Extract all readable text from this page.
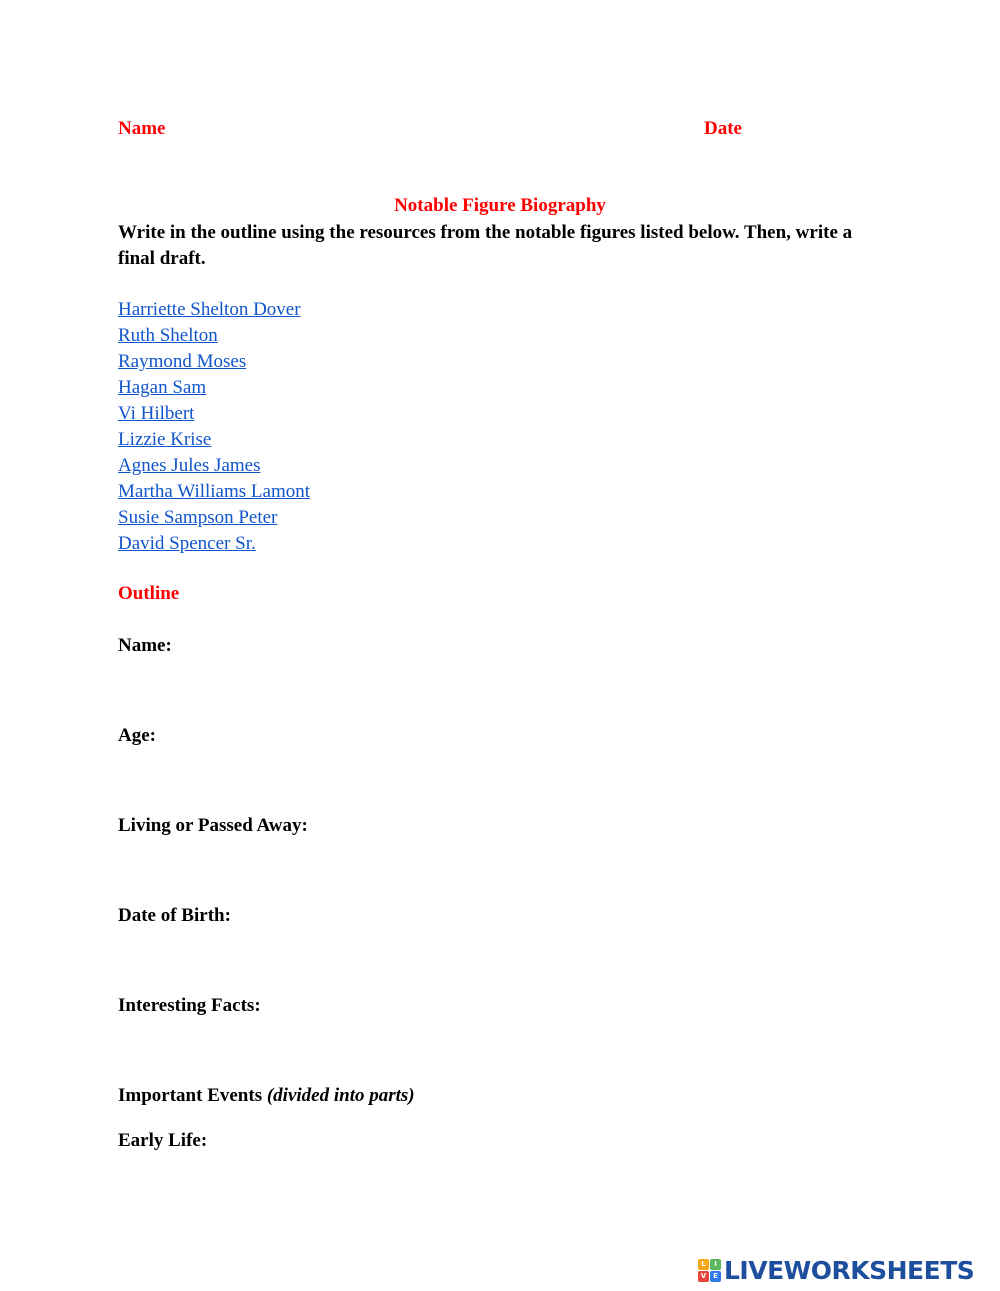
Name	Date
Notable Figure Biography
Write in the outline using the resources from the notable figures listed below. Then, write a final draft.
Harriette Shelton Dover
Ruth Shelton
Raymond Moses
Hagan Sam
Vi Hilbert
Lizzie Krise
Agnes Jules James
Martha Williams Lamont
Susie Sampson Peter
David Spencer Sr.
Outline
Name:
Age:
Living or Passed Away:
Date of Birth:
Interesting Facts:
Important Events (divided into parts)
Early Life:
L	I
V E LIVEWORKSHEETS
